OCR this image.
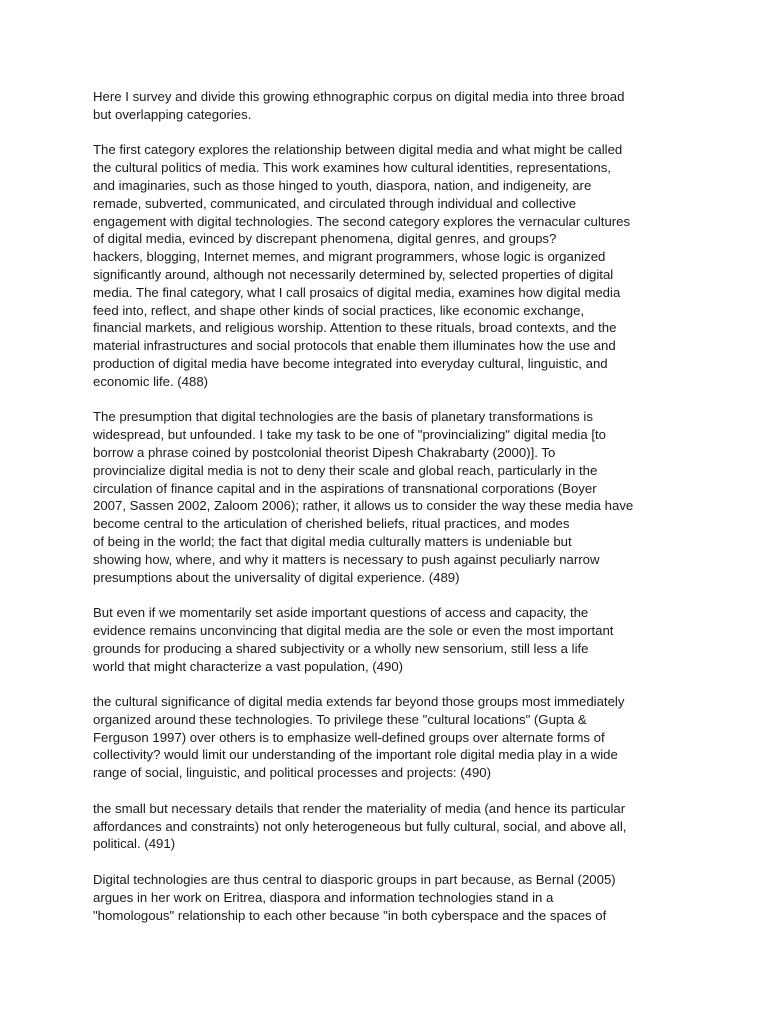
Here I survey and divide this growing ethnographic corpus on digital media into three broad
but overlapping categories.

The first category explores the relationship between digital media and what might be called
the cultural politics of media. This work examines how cultural identities, representations,
and imaginaries, such as those hinged to youth, diaspora, nation, and indigeneity, are
remade, subverted, communicated, and circulated through individual and collective
engagement with digital technologies. The second category explores the vernacular cultures
of digital media, evinced by discrepant phenomena, digital genres, and groups?
hackers, blogging, Internet memes, and migrant programmers, whose logic is organized
significantly around, although not necessarily determined by, selected properties of digital
media. The final category, what I call prosaics of digital media, examines how digital media
feed into, reflect, and shape other kinds of social practices, like economic exchange,
financial markets, and religious worship. Attention to these rituals, broad contexts, and the
material infrastructures and social protocols that enable them illuminates how the use and
production of digital media have become integrated into everyday cultural, linguistic, and
economic life. (488)

The presumption that digital technologies are the basis of planetary transformations is
widespread, but unfounded. I take my task to be one of "provincializing" digital media [to
borrow a phrase coined by postcolonial theorist Dipesh Chakrabarty (2000)]. To
provincialize digital media is not to deny their scale and global reach, particularly in the
circulation of finance capital and in the aspirations of transnational corporations (Boyer
2007, Sassen 2002, Zaloom 2006); rather, it allows us to consider the way these media have
become central to the articulation of cherished beliefs, ritual practices, and modes
of being in the world; the fact that digital media culturally matters is undeniable but
showing how, where, and why it matters is necessary to push against peculiarly narrow
presumptions about the universality of digital experience. (489)

But even if we momentarily set aside important questions of access and capacity, the
evidence remains unconvincing that digital media are the sole or even the most important
grounds for producing a shared subjectivity or a wholly new sensorium, still less a life
world that might characterize a vast population, (490)

the cultural significance of digital media extends far beyond those groups most immediately
organized around these technologies. To privilege these "cultural locations" (Gupta &
Ferguson 1997) over others is to emphasize well-defined groups over alternate forms of
collectivity? would limit our understanding of the important role digital media play in a wide
range of social, linguistic, and political processes and projects: (490)

the small but necessary details that render the materiality of media (and hence its particular
affordances and constraints) not only heterogeneous but fully cultural, social, and above all,
political. (491)

Digital technologies are thus central to diasporic groups in part because, as Bernal (2005)
argues in her work on Eritrea, diaspora and information technologies stand in a
"homologous" relationship to each other because "in both cyberspace and the spaces of
